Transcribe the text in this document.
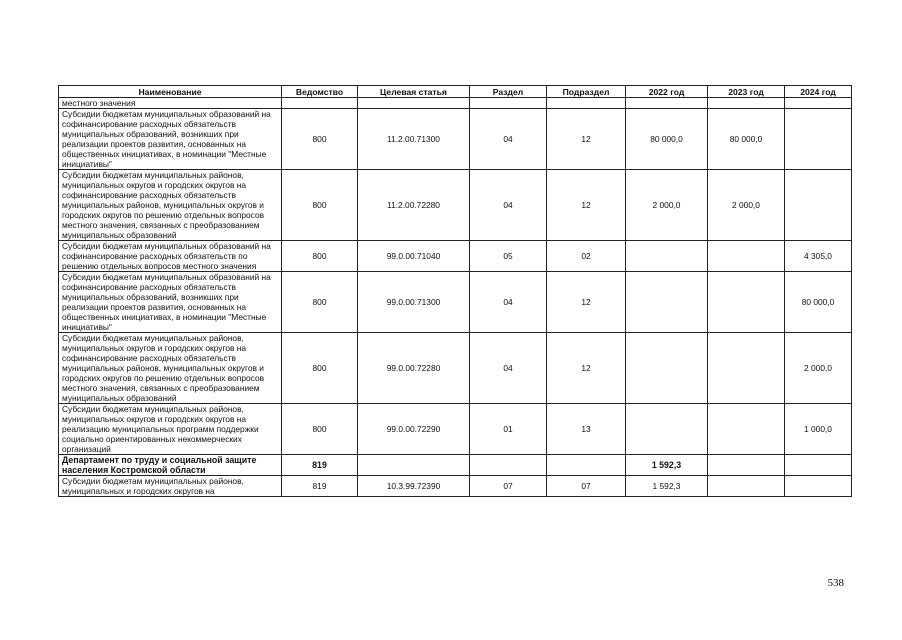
Наименование	Ведомство	Целевая статья	Раздел	Подраздел	2022 год	2023 год	2024 год
местного значения							
Субсидии бюджетам муниципальных образований на софинансирование расходных обязательств муниципальных образований, возникших при реализации проектов развития, основанных на общественных инициативах, в номинации "Местные инициативы"	800	11.2.00.71300	04	12	80 000,0	80 000,0	
Субсидии бюджетам муниципальных районов, муниципальных округов и городских округов на софинансирование расходных обязательств муниципальных районов, муниципальных округов и городских округов по решению отдельных вопросов местного значения, связанных с преобразованием муниципальных образований	800	11.2.00.72280	04	12	2 000,0	2 000,0	
Субсидии бюджетам муниципальных образований на софинансирование расходных обязательств по решению отдельных вопросов местного значения	800	99.0.00.71040	05	02			4 305,0
Субсидии бюджетам муниципальных образований на софинансирование расходных обязательств муниципальных образований, возникших при реализации проектов развития, основанных на общественных инициативах, в номинации "Местные инициативы"	800	99.0.00.71300	04	12			80 000,0
Субсидии бюджетам муниципальных районов, муниципальных округов и городских округов на софинансирование расходных обязательств муниципальных районов, муниципальных округов и городских округов по решению отдельных вопросов местного значения, связанных с преобразованием муниципальных образований	800	99.0.00.72280	04	12			2 000,0
Субсидии бюджетам муниципальных районов, муниципальных округов и городских округов на реализацию муниципальных программ поддержки социально ориентированных некоммерческих организаций	800	99.0.00.72290	01	13			1 000,0
Департамент по труду и социальной защите населения Костромской области	819				1 592,3		
Субсидии бюджетам муниципальных районов, муниципальных и городских округов на	819	10.3.99.72390	07	07	1 592,3		
538
